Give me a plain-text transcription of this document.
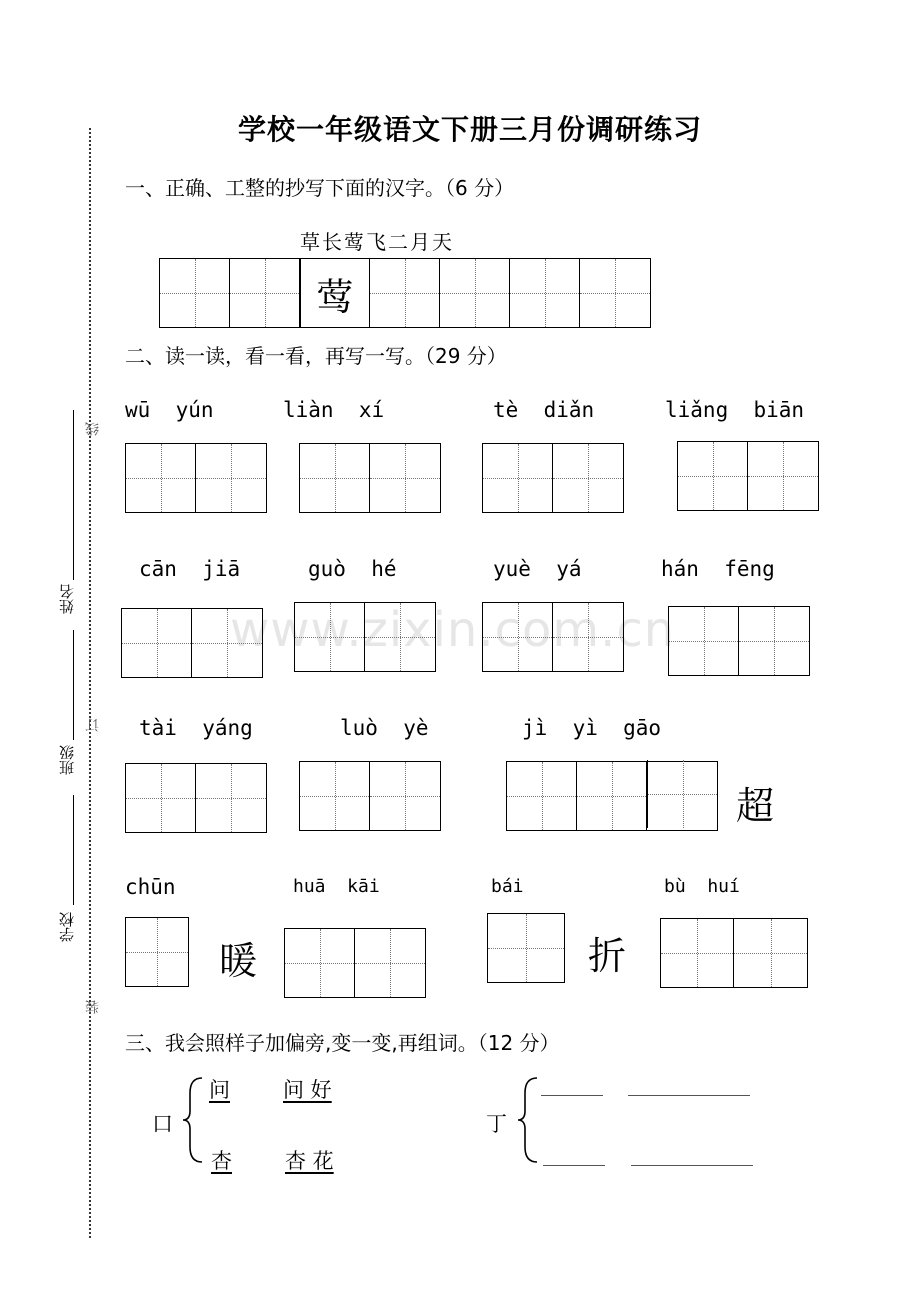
线
订
装
姓名
班级
学校
www.zixin.com.cn
学校一年级语文下册三月份调研练习
一、正确、工整的抄写下面的汉字。（6 分）
草长莺飞二月天
莺
二、读一读，看一看，再写一写。（29 分）
wū  yún	liàn  xí	tè  diǎn	liǎng  biān
cān  jiā	guò  hé	yuè  yá	hán  fēng
tài  yáng	luò  yè	jì  yì  gāo
超
chūn	huā  kāi	bái	bù  huí
暖	折
三、我会照样子加偏旁,变一变,再组词。（12 分）
口
问	问 好
杏	杏 花
丁
